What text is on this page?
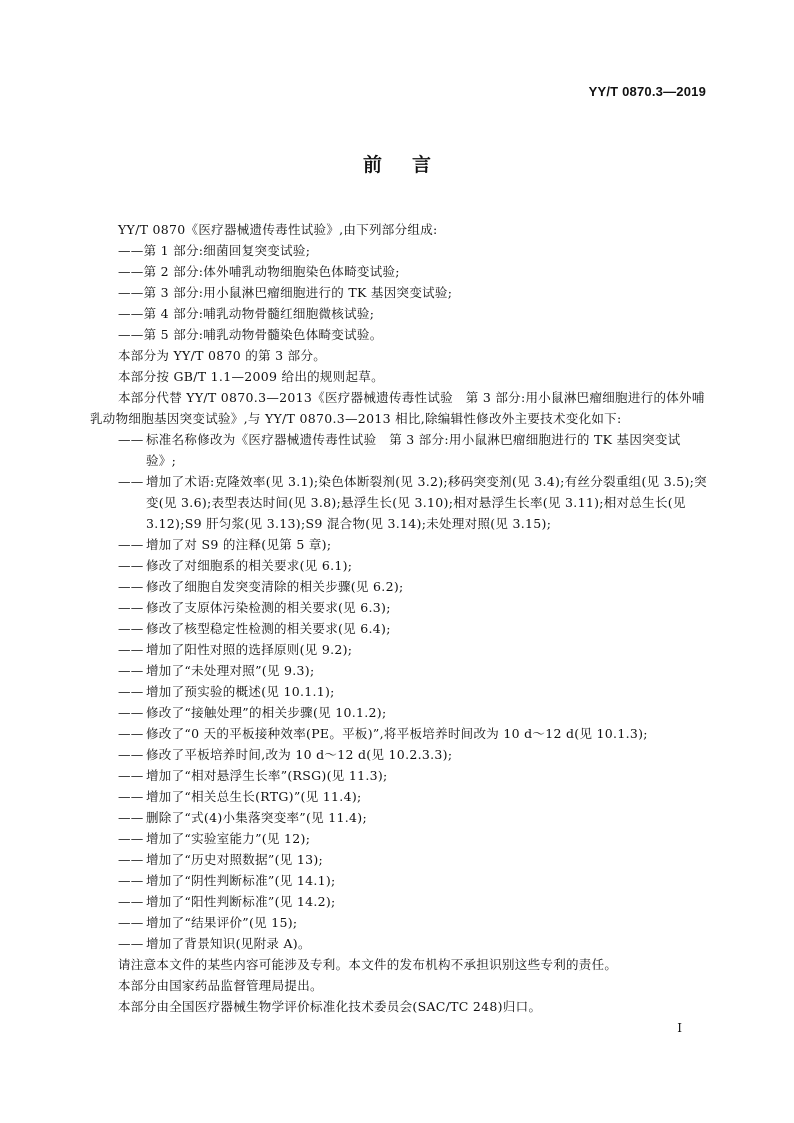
YY/T 0870.3—2019
前言

YY/T 0870《医疗器械遗传毒性试验》,由下列部分组成:

——第 1 部分:细菌回复突变试验;

——第 2 部分:体外哺乳动物细胞染色体畸变试验;

——第 3 部分:用小鼠淋巴瘤细胞进行的 TK 基因突变试验;

——第 4 部分:哺乳动物骨髓红细胞微核试验;

——第 5 部分:哺乳动物骨髓染色体畸变试验。

本部分为 YY/T 0870 的第 3 部分。

本部分按 GB/T 1.1—2009 给出的规则起草。

本部分代替 YY/T 0870.3—2013《医疗器械遗传毒性试验　第 3 部分:用小鼠淋巴瘤细胞进行的体外哺乳动物细胞基因突变试验》,与 YY/T 0870.3—2013 相比,除编辑性修改外主要技术变化如下:

—— 标准名称修改为《医疗器械遗传毒性试验　第 3 部分:用小鼠淋巴瘤细胞进行的 TK 基因突变试验》;
—— 增加了术语:克隆效率(见 3.1);染色体断裂剂(见 3.2);移码突变剂(见 3.4);有丝分裂重组(见 3.5);突变(见 3.6);表型表达时间(见 3.8);悬浮生长(见 3.10);相对悬浮生长率(见 3.11);相对总生长(见 3.12);S9 肝匀浆(见 3.13);S9 混合物(见 3.14);未处理对照(见 3.15);
—— 增加了对 S9 的注释(见第 5 章);
—— 修改了对细胞系的相关要求(见 6.1);
—— 修改了细胞自发突变清除的相关步骤(见 6.2);
—— 修改了支原体污染检测的相关要求(见 6.3);
—— 修改了核型稳定性检测的相关要求(见 6.4);
—— 增加了阳性对照的选择原则(见 9.2);
—— 增加了“未处理对照”(见 9.3);
—— 增加了预实验的概述(见 10.1.1);
—— 修改了“接触处理”的相关步骤(见 10.1.2);
—— 修改了“0 天的平板接种效率(PE。平板)”,将平板培养时间改为 10 d～12 d(见 10.1.3);
—— 修改了平板培养时间,改为 10 d～12 d(见 10.2.3.3);
—— 增加了“相对悬浮生长率”(RSG)(见 11.3);
—— 增加了“相关总生长(RTG)”(见 11.4);
—— 删除了“式(4)小集落突变率”(见 11.4);
—— 增加了“实验室能力”(见 12);
—— 增加了“历史对照数据”(见 13);
—— 增加了“阴性判断标准”(见 14.1);
—— 增加了“阳性判断标准”(见 14.2);
—— 增加了“结果评价”(见 15);
—— 增加了背景知识(见附录 A)。

请注意本文件的某些内容可能涉及专利。本文件的发布机构不承担识别这些专利的责任。

本部分由国家药品监督管理局提出。

本部分由全国医疗器械生物学评价标准化技术委员会(SAC/TC 248)归口。

I
